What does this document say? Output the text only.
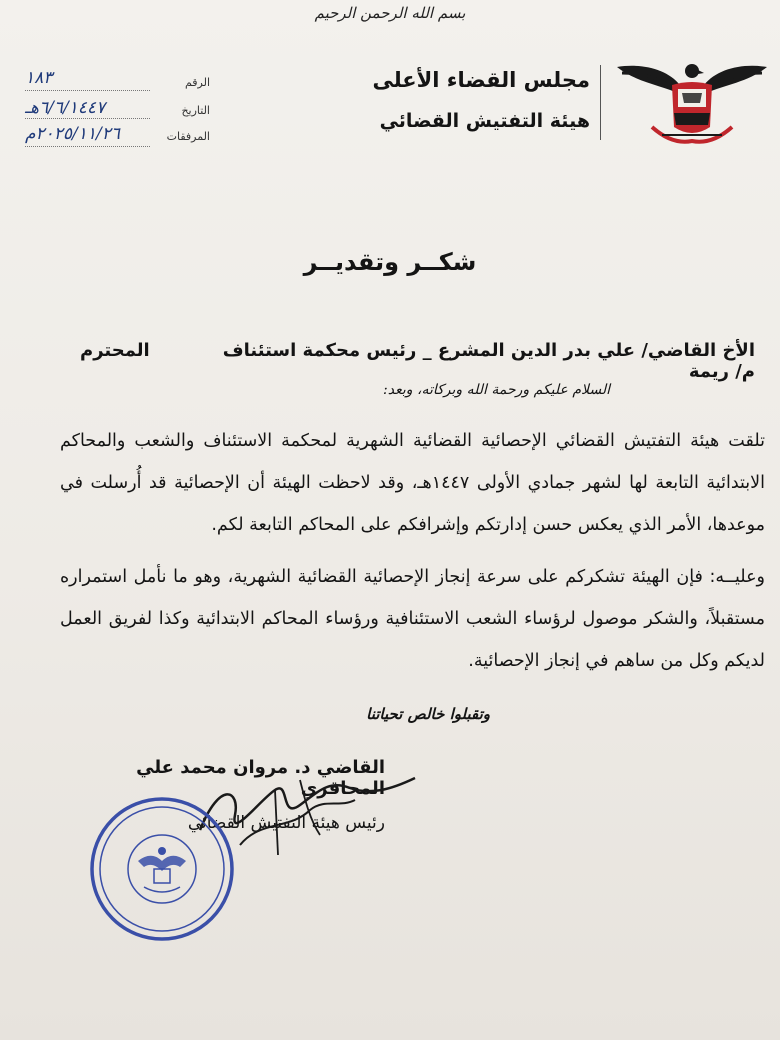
بسم الله الرحمن الرحيم
مجلس القضاء الأعلى
هيئة التفتيش القضائي
الرقم
١٨٣
التاريخ
٦/٦/١٤٤٧هـ
المرفقات
٢٠٢٥/١١/٢٦م
شكــر وتقديــر
الأخ القاضي/ علي بدر الدين المشرع _ رئيس محكمة استئناف م/ ريمة
المحترم
السلام عليكم ورحمة الله وبركاته، وبعد:
تلقت هيئة التفتيش القضائي الإحصائية القضائية الشهرية لمحكمة الاستئناف والشعب والمحاكم الابتدائية التابعة لها لشهر جمادي الأولى ١٤٤٧هـ، وقد لاحظت الهيئة أن الإحصائية قد أُرسلت في موعدها، الأمر الذي يعكس حسن إدارتكم وإشرافكم على المحاكم التابعة لكم.
وعليــه: فإن الهيئة تشكركم على سرعة إنجاز الإحصائية القضائية الشهرية، وهو ما نأمل استمراره مستقبلاً، والشكر موصول لرؤساء الشعب الاستئنافية ورؤساء المحاكم الابتدائية وكذا لفريق العمل لديكم وكل من ساهم في إنجاز الإحصائية.
وتقبلوا خالص تحياتنا
القاضي د. مروان محمد علي المحاقري
رئيس هيئة التفتيش القضائي
